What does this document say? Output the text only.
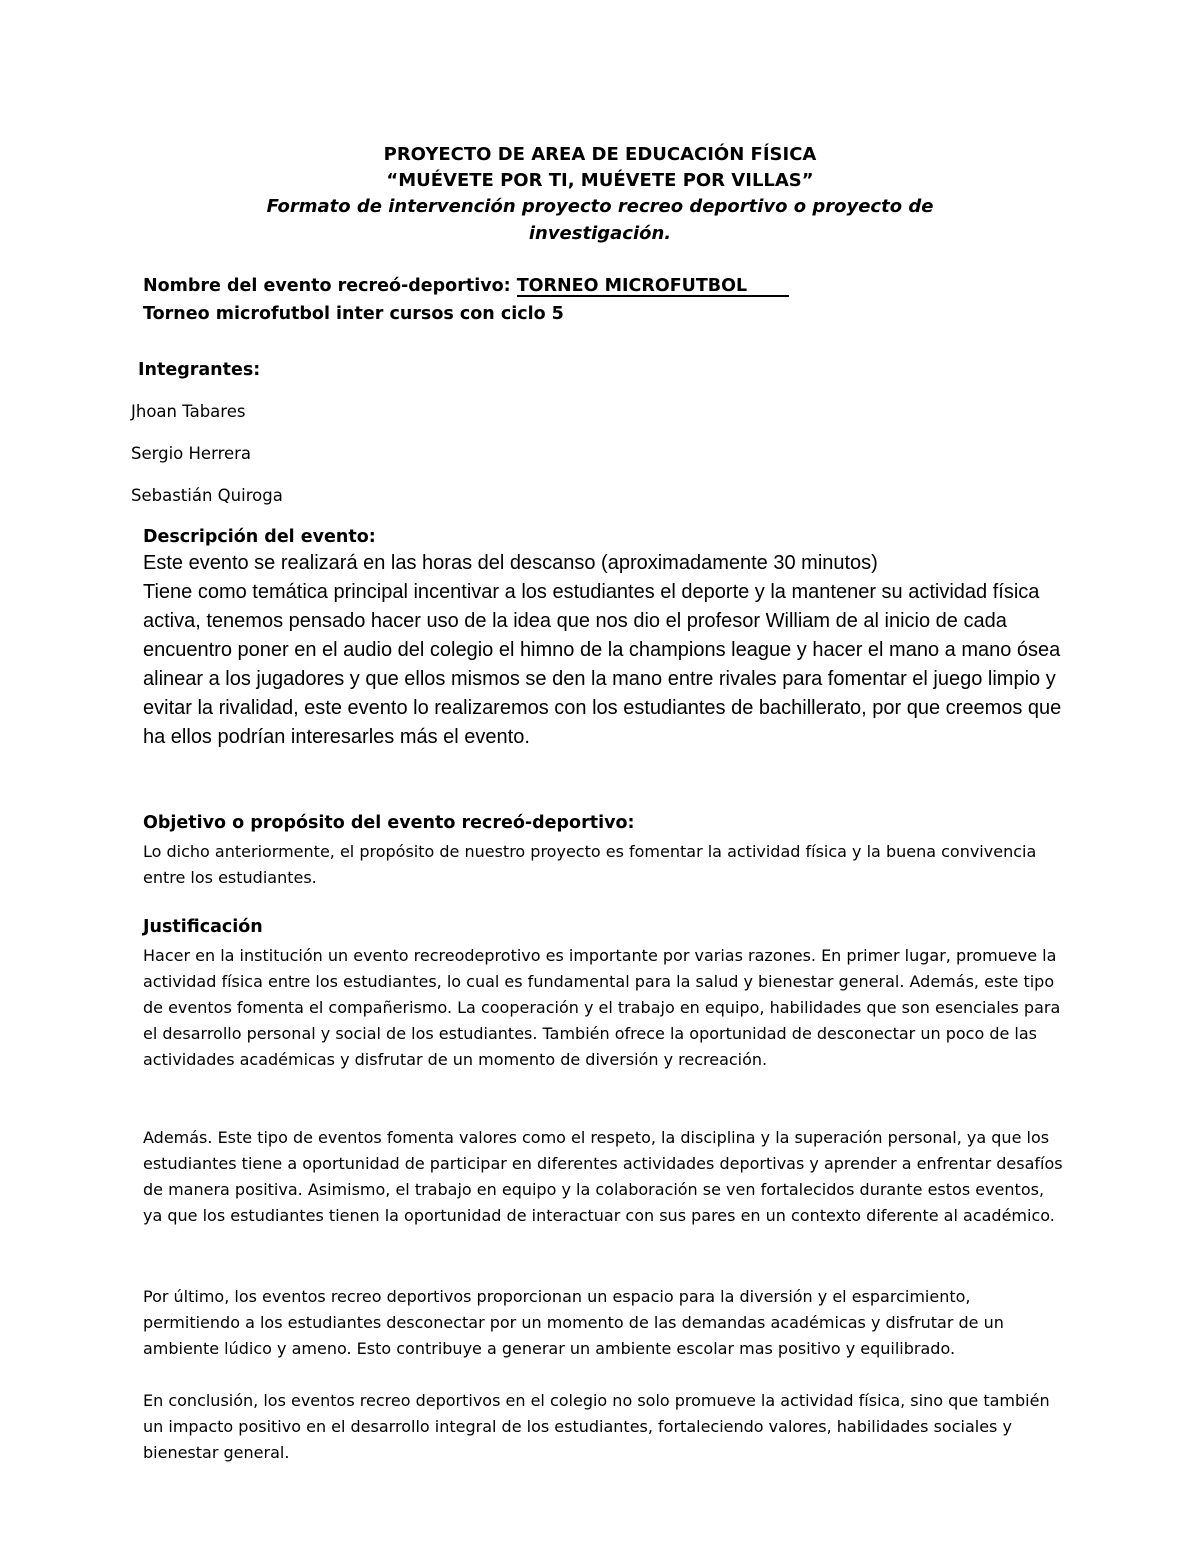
PROYECTO DE AREA DE EDUCACIÓN FÍSICA

“MUÉVETE POR TI, MUÉVETE POR VILLAS”

Formato de intervención proyecto recreo deportivo o proyecto de

investigación.

Nombre del evento recreó-deportivo: TORNEO MICROFUTBOL

Torneo microfutbol inter cursos con ciclo 5

Integrantes:

Jhoan Tabares

Sergio Herrera

Sebastián Quiroga

Descripción del evento:

Este evento se realizará en las horas del descanso (aproximadamente 30 minutos)

Tiene como temática principal incentivar a los estudiantes el deporte y la mantener su actividad física activa, tenemos pensado hacer uso de la idea que nos dio el profesor William de al inicio de cada encuentro poner en el audio del colegio el himno de la champions league y hacer el mano a mano ósea alinear a los jugadores y que ellos mismos se den la mano entre rivales para fomentar el juego limpio y evitar la rivalidad, este evento lo realizaremos con los estudiantes de bachillerato, por que creemos que ha ellos podrían interesarles más el evento.

Objetivo o propósito del evento recreó-deportivo:

Lo dicho anteriormente, el propósito de nuestro proyecto es fomentar la actividad física y la buena convivencia entre los estudiantes.

Justificación

Hacer en la institución un evento recreodeprotivo es importante por varias razones. En primer lugar, promueve la actividad física entre los estudiantes, lo cual es fundamental para la salud y bienestar general. Además, este tipo de eventos fomenta el compañerismo. La cooperación y el trabajo en equipo, habilidades que son esenciales para el desarrollo personal y social de los estudiantes. También ofrece la oportunidad de desconectar un poco de las actividades académicas y disfrutar de un momento de diversión y recreación.

Además. Este tipo de eventos fomenta valores como el respeto, la disciplina y la superación personal, ya que los estudiantes tiene a oportunidad de participar en diferentes actividades deportivas y aprender a enfrentar desafíos de manera positiva. Asimismo, el trabajo en equipo y la colaboración se ven fortalecidos durante estos eventos, ya que los estudiantes tienen la oportunidad de interactuar con sus pares en un contexto diferente al académico.

Por último, los eventos recreo deportivos proporcionan un espacio para la diversión y el esparcimiento, permitiendo a los estudiantes desconectar por un momento de las demandas académicas y disfrutar de un ambiente lúdico y ameno. Esto contribuye a generar un ambiente escolar mas positivo y equilibrado.

En conclusión, los eventos recreo deportivos en el colegio no solo promueve la actividad física, sino que también un impacto positivo en el desarrollo integral de los estudiantes, fortaleciendo valores, habilidades sociales y bienestar general.
